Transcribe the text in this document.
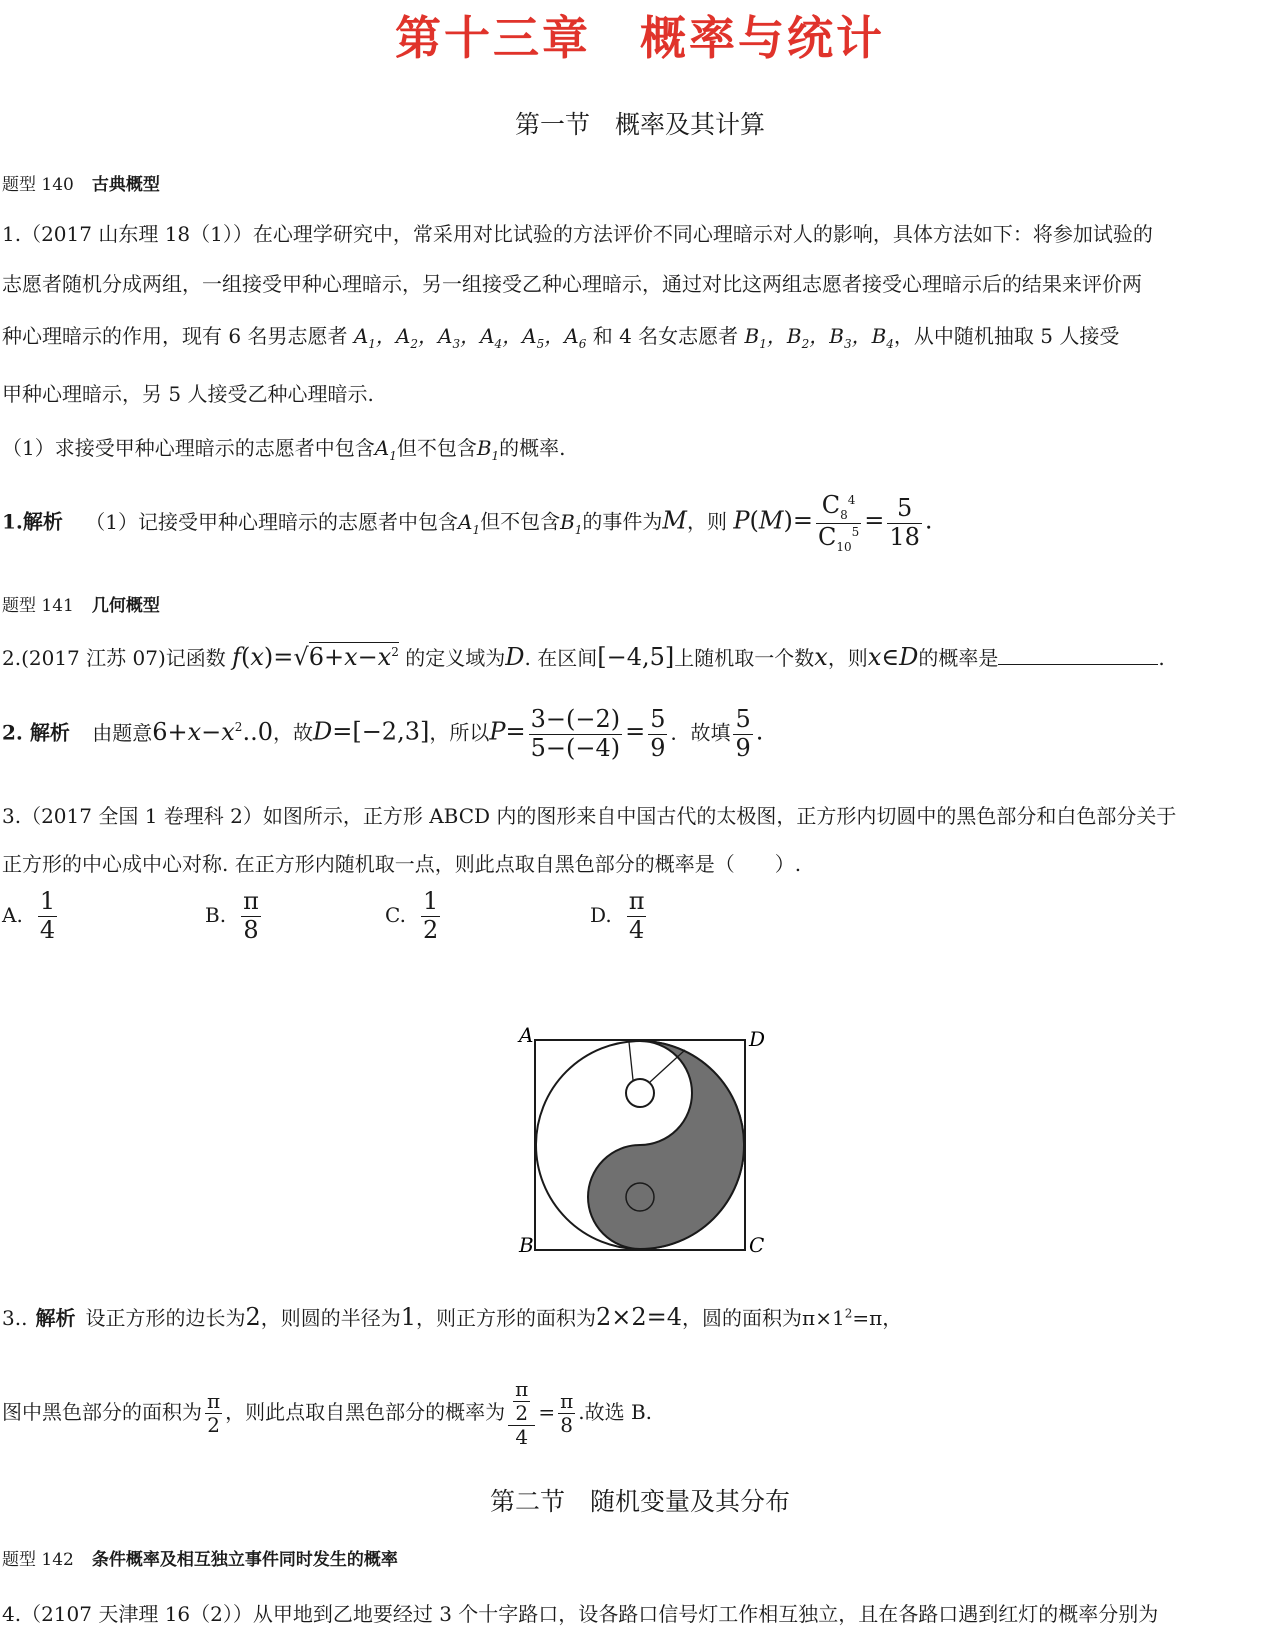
第十三章　概率与统计
第一节　概率及其计算
题型 140 古典概型
1.（2017 山东理 18（1））在心理学研究中，常采用对比试验的方法评价不同心理暗示对人的影响，具体方法如下：将参加试验的
志愿者随机分成两组，一组接受甲种心理暗示，另一组接受乙种心理暗示，通过对比这两组志愿者接受心理暗示后的结果来评价两
种心理暗示的作用，现有 6 名男志愿者 $A_1$，$A_2$，$A_3$，$A_4$，$A_5$，$A_6$ 和 4 名女志愿者 $B_1$，$B_2$，$B_3$，$B_4$，从中随机抽取 5 人接受
甲种心理暗示，另 5 人接受乙种心理暗示.
（1）求接受甲种心理暗示的志愿者中包含$A_1$但不包含$B_1$的概率.
1.解析 （1）记接受甲种心理暗示的志愿者中包含$A_1$但不包含$B_1$的事件为M，则 $P(M)= \frac{C_8^4}{C_{10}^5} = \frac{5}{18}$ .
题型 141 几何概型
2.(2017 江苏 07)记函数 $f(x)=√6+x-x^2$ 的定义域为D. 在区间[−4,5]上随机取一个数x，则x∈D的概率是	.
2. 解析 由题意$6+x-x^2..0$，故D=[−2,3]，所以$P= \frac{3-(-2)}{5-(-4)} = \frac{5}{9}$ ．故填 $\frac{5}{9}$ .
3.（2017 全国 1 卷理科 2）如图所示，正方形 ABCD 内的图形来自中国古代的太极图，正方形内切圆中的黑色部分和白色部分关于
正方形的中心成中心对称. 在正方形内随机取一点，则此点取自黑色部分的概率是（　　）.
A. $\frac{1}{4}$	B. $\frac{\pi}{8}$	C. $\frac{1}{2}$	D. $\frac{\pi}{4}$
A	D
B	C
3.. 解析 设正方形的边长为2，则圆的半径为1，则正方形的面积为2×2=4，圆的面积为$\pi\times 1^2=\pi$，
图中黑色部分的面积为 $\frac{\pi}{2}$ ，则此点取自黑色部分的概率为 $\frac{\frac{\pi}{2}}{4} = \frac{\pi}{8}$ .故选 B.
第二节　随机变量及其分布
题型 142 条件概率及相互独立事件同时发生的概率
4.（2107 天津理 16（2））从甲地到乙地要经过 3 个十字路口，设各路口信号灯工作相互独立，且在各路口遇到红灯的概率分别为
